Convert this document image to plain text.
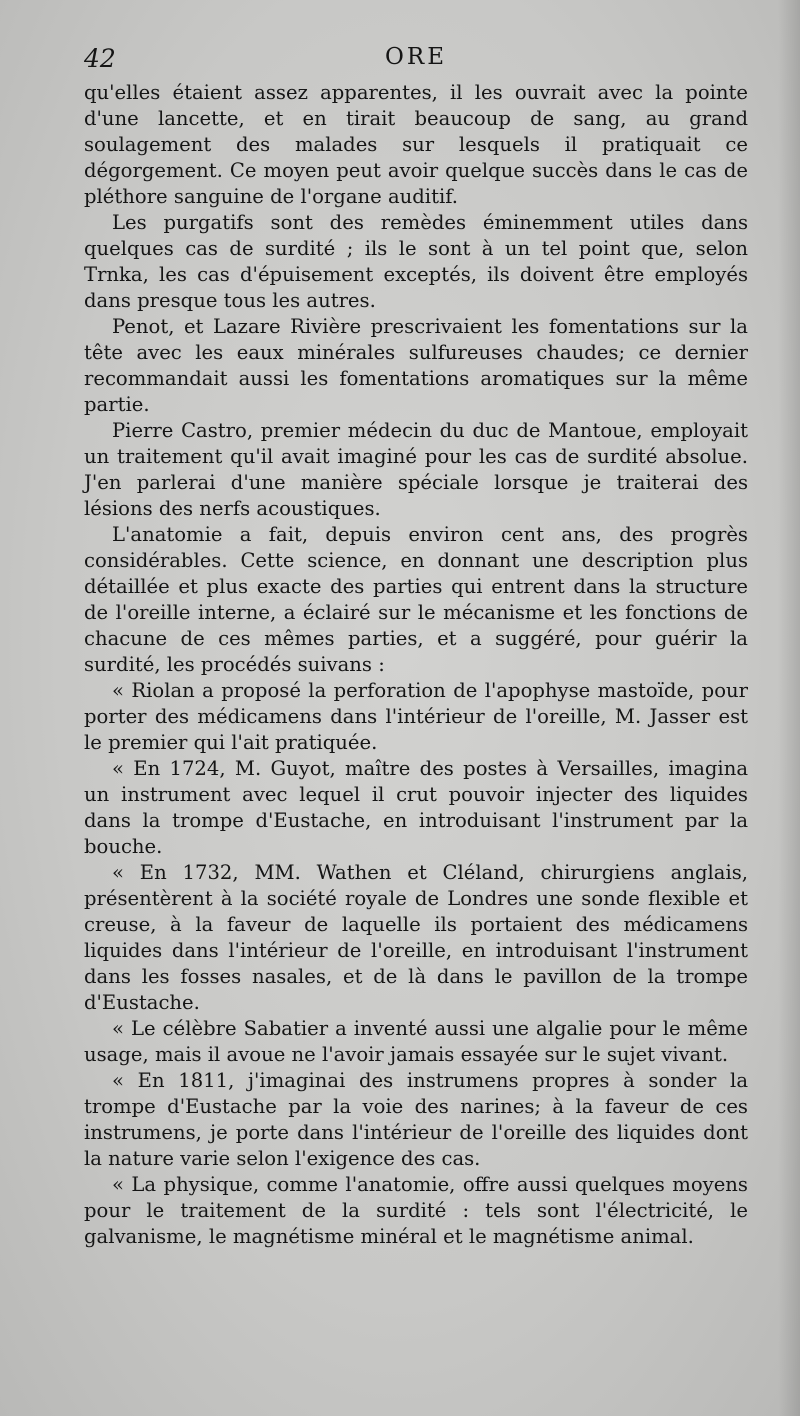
42	ORE

qu'elles étaient assez apparentes, il les ouvrait avec la pointe d'une lancette, et en tirait beaucoup de sang, au grand soulagement des malades sur lesquels il pratiquait ce dégorgement. Ce moyen peut avoir quelque succès dans le cas de pléthore sanguine de l'organe auditif.

Les purgatifs sont des remèdes éminemment utiles dans quelques cas de surdité ; ils le sont à un tel point que, selon Trnka, les cas d'épuisement exceptés, ils doivent être employés dans presque tous les autres.

Penot, et Lazare Rivière prescrivaient les fomentations sur la tête avec les eaux minérales sulfureuses chaudes; ce dernier recommandait aussi les fomentations aromatiques sur la même partie.

Pierre Castro, premier médecin du duc de Mantoue, employait un traitement qu'il avait imaginé pour les cas de surdité absolue. J'en parlerai d'une manière spéciale lorsque je traiterai des lésions des nerfs acoustiques.

L'anatomie a fait, depuis environ cent ans, des progrès considérables. Cette science, en donnant une description plus détaillée et plus exacte des parties qui entrent dans la structure de l'oreille interne, a éclairé sur le mécanisme et les fonctions de chacune de ces mêmes parties, et a suggéré, pour guérir la surdité, les procédés suivans :

« Riolan a proposé la perforation de l'apophyse mastoïde, pour porter des médicamens dans l'intérieur de l'oreille, M. Jasser est le premier qui l'ait pratiquée.

« En 1724, M. Guyot, maître des postes à Versailles, imagina un instrument avec lequel il crut pouvoir injecter des liquides dans la trompe d'Eustache, en introduisant l'instrument par la bouche.

« En 1732, MM. Wathen et Cléland, chirurgiens anglais, présentèrent à la société royale de Londres une sonde flexible et creuse, à la faveur de laquelle ils portaient des médicamens liquides dans l'intérieur de l'oreille, en introduisant l'instrument dans les fosses nasales, et de là dans le pavillon de la trompe d'Eustache.

« Le célèbre Sabatier a inventé aussi une algalie pour le même usage, mais il avoue ne l'avoir jamais essayée sur le sujet vivant.

« En 1811, j'imaginai des instrumens propres à sonder la trompe d'Eustache par la voie des narines; à la faveur de ces instrumens, je porte dans l'intérieur de l'oreille des liquides dont la nature varie selon l'exigence des cas.

« La physique, comme l'anatomie, offre aussi quelques moyens pour le traitement de la surdité : tels sont l'électricité, le galvanisme, le magnétisme minéral et le magnétisme animal.
